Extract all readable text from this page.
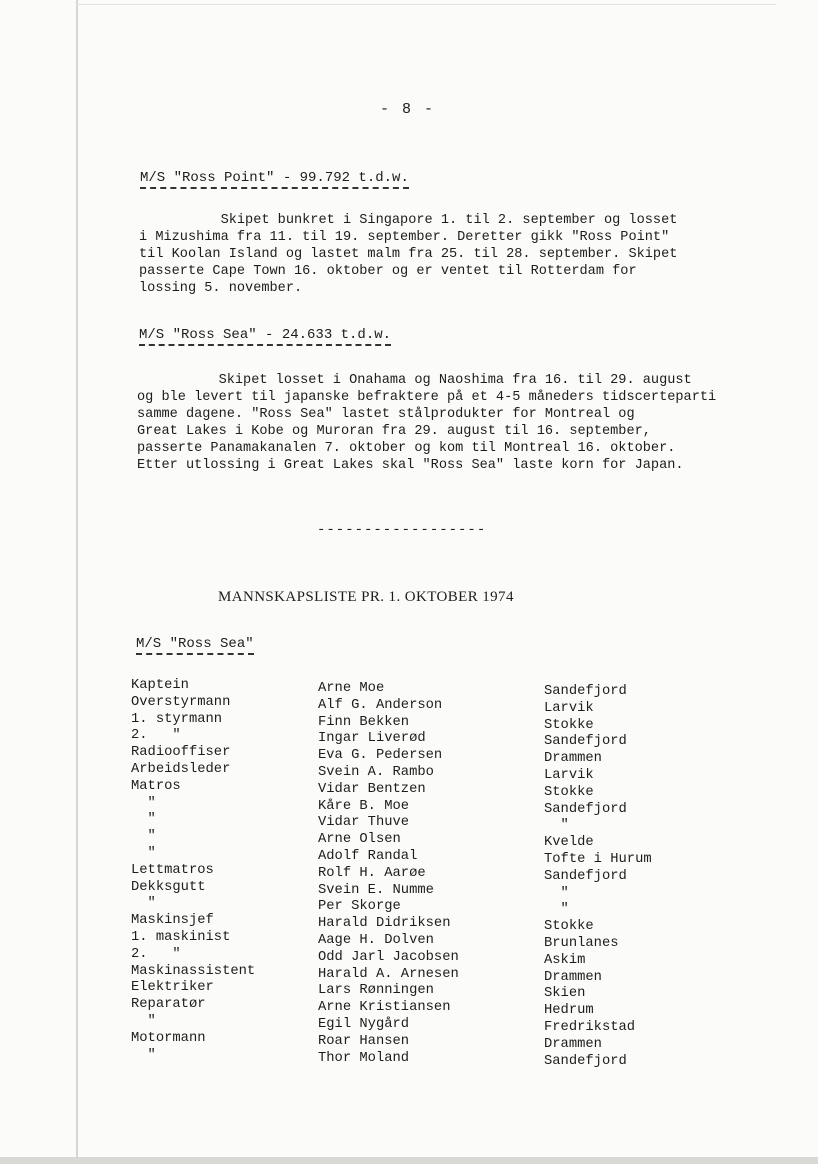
- 8 -
M/S "Ross Point" - 99.792 t.d.w.
Skipet bunkret i Singapore 1. til 2. september og losset
i Mizushima fra 11. til 19. september. Deretter gikk "Ross Point"
til Koolan Island og lastet malm fra 25. til 28. september. Skipet
passerte Cape Town 16. oktober og er ventet til Rotterdam for
lossing 5. november.
M/S "Ross Sea" - 24.633 t.d.w.
Skipet losset i Onahama og Naoshima fra 16. til 29. august
og ble levert til japanske befraktere på et 4-5 måneders tidscerteparti
samme dagene. "Ross Sea" lastet stålprodukter for Montreal og
Great Lakes i Kobe og Muroran fra 29. august til 16. september,
passerte Panamakanalen 7. oktober og kom til Montreal 16. oktober.
Etter utlossing i Great Lakes skal "Ross Sea" laste korn for Japan.
------------------
MANNSKAPSLISTE PR. 1. OKTOBER 1974
M/S "Ross Sea"
Kaptein
Overstyrmann
1. styrmann
2.   "
Radiooffiser
Arbeidsleder
Matros
"
"
"
"
Lettmatros
Dekksgutt
"
Maskinsjef
1. maskinist
2.   "
Maskinassistent
Elektriker
Reparatør
"
Motormann
"
Arne Moe
Alf G. Anderson
Finn Bekken
Ingar Liverød
Eva G. Pedersen
Svein A. Rambo
Vidar Bentzen
Kåre B. Moe
Vidar Thuve
Arne Olsen
Adolf Randal
Rolf H. Aarøe
Svein E. Numme
Per Skorge
Harald Didriksen
Aage H. Dolven
Odd Jarl Jacobsen
Harald A. Arnesen
Lars Rønningen
Arne Kristiansen
Egil Nygård
Roar Hansen
Thor Moland
Sandefjord
Larvik
Stokke
Sandefjord
Drammen
Larvik
Stokke
Sandefjord
"
Kvelde
Tofte i Hurum
Sandefjord
"
"
Stokke
Brunlanes
Askim
Drammen
Skien
Hedrum
Fredrikstad
Drammen
Sandefjord
